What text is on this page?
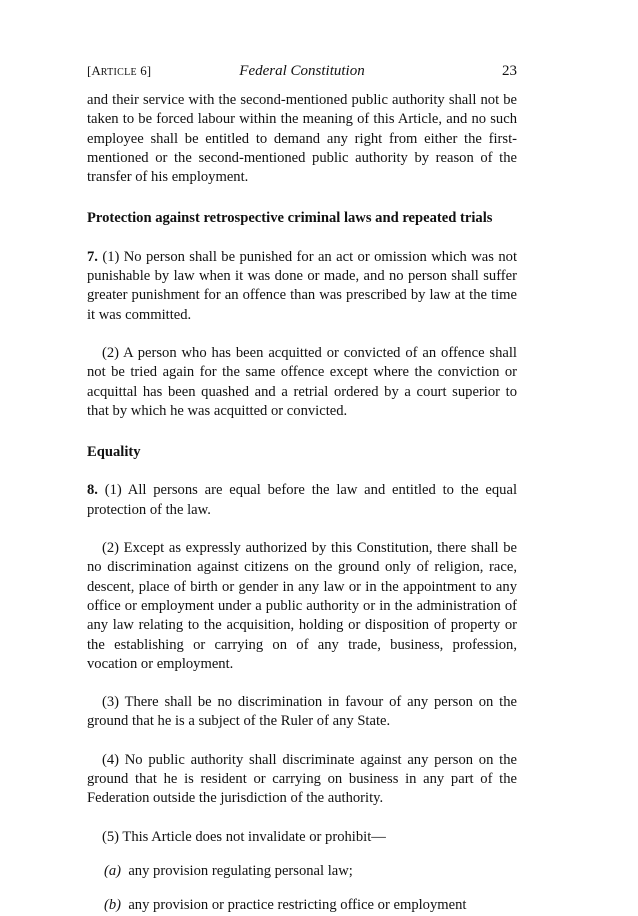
[ARTICLE 6]	Federal Constitution	23

and their service with the second-mentioned public authority shall not be taken to be forced labour within the meaning of this Article, and no such employee shall be entitled to demand any right from either the first-mentioned or the second-mentioned public authority by reason of the transfer of his employment.

Protection against retrospective criminal laws and repeated trials

7. (1) No person shall be punished for an act or omission which was not punishable by law when it was done or made, and no person shall suffer greater punishment for an offence than was prescribed by law at the time it was committed.

(2) A person who has been acquitted or convicted of an offence shall not be tried again for the same offence except where the conviction or acquittal has been quashed and a retrial ordered by a court superior to that by which he was acquitted or convicted.

Equality

8. (1) All persons are equal before the law and entitled to the equal protection of the law.

(2) Except as expressly authorized by this Constitution, there shall be no discrimination against citizens on the ground only of religion, race, descent, place of birth or gender in any law or in the appointment to any office or employment under a public authority or in the administration of any law relating to the acquisition, holding or disposition of property or the establishing or carrying on of any trade, business, profession, vocation or employment.

(3) There shall be no discrimination in favour of any person on the ground that he is a subject of the Ruler of any State.

(4) No public authority shall discriminate against any person on the ground that he is resident or carrying on business in any part of the Federation outside the jurisdiction of the authority.

(5) This Article does not invalidate or prohibit—

(a) any provision regulating personal law;

(b) any provision or practice restricting office or employment
